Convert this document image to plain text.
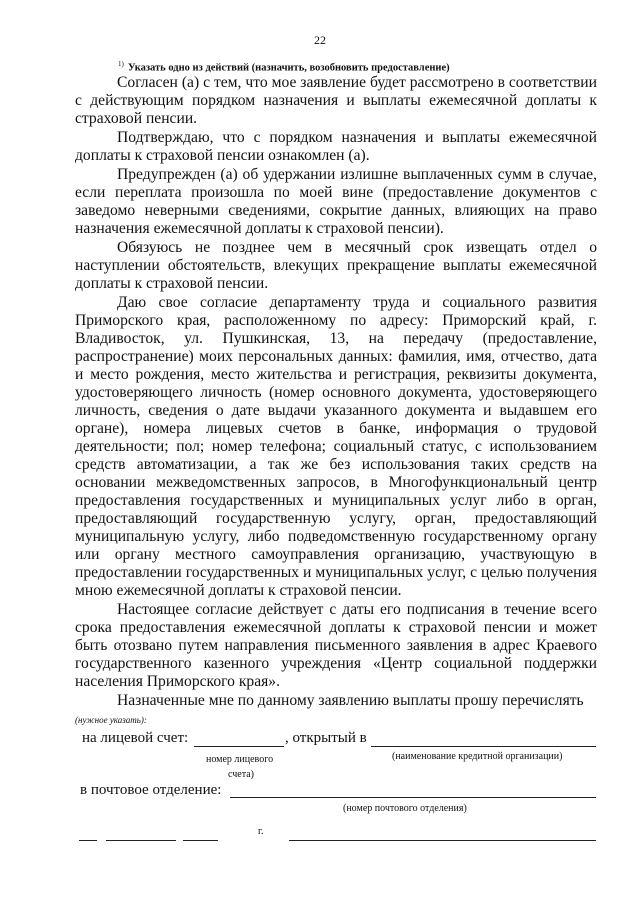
22
$^{1)}$ Указать одно из действий (назначить, возобновить предоставление)

Согласен (а) с тем, что мое заявление будет рассмотрено в соответствии с действующим порядком назначения и выплаты ежемесячной доплаты к страховой пенсии.

Подтверждаю, что с порядком назначения и выплаты ежемесячной доплаты к страховой пенсии ознакомлен (а).

Предупрежден (а) об удержании излишне выплаченных сумм в случае, если переплата произошла по моей вине (предоставление документов с заведомо неверными сведениями, сокрытие данных, влияющих на право назначения ежемесячной доплаты к страховой пенсии).

Обязуюсь не позднее чем в месячный срок извещать отдел о наступлении обстоятельств, влекущих прекращение выплаты ежемесячной доплаты к страховой пенсии.

Даю свое согласие департаменту труда и социального развития Приморского края, расположенному по адресу: Приморский край, г. Владивосток, ул. Пушкинская, 13, на передачу (предоставление, распространение) моих персональных данных: фамилия, имя, отчество, дата и место рождения, место жительства и регистрация, реквизиты документа, удостоверяющего личность (номер основного документа, удостоверяющего личность, сведения о дате выдачи указанного документа и выдавшем его органе), номера лицевых счетов в банке, информация о трудовой деятельности; пол; номер телефона; социальный статус, с использованием средств автоматизации, а так же без использования таких средств на основании межведомственных запросов, в Многофункциональный центр предоставления государственных и муниципальных услуг либо в орган, предоставляющий государственную услугу, орган, предоставляющий муниципальную услугу, либо подведомственную государственному органу или органу местного самоуправления организацию, участвующую в предоставлении государственных и муниципальных услуг, с целью получения мною ежемесячной доплаты к страховой пенсии.

Настоящее согласие действует с даты его подписания в течение всего срока предоставления ежемесячной доплаты к страховой пенсии и может быть отозвано путем направления письменного заявления в адрес Краевого государственного казенного учреждения «Центр социальной поддержки населения Приморского края».

Назначенные мне по данному заявлению выплаты прошу перечислять

(нужное указать):

на лицевой счет:	, открытый в
номер лицевого
счета)
(наименование кредитной организации)
в почтовое отделение:
(номер почтового отделения)
г.
